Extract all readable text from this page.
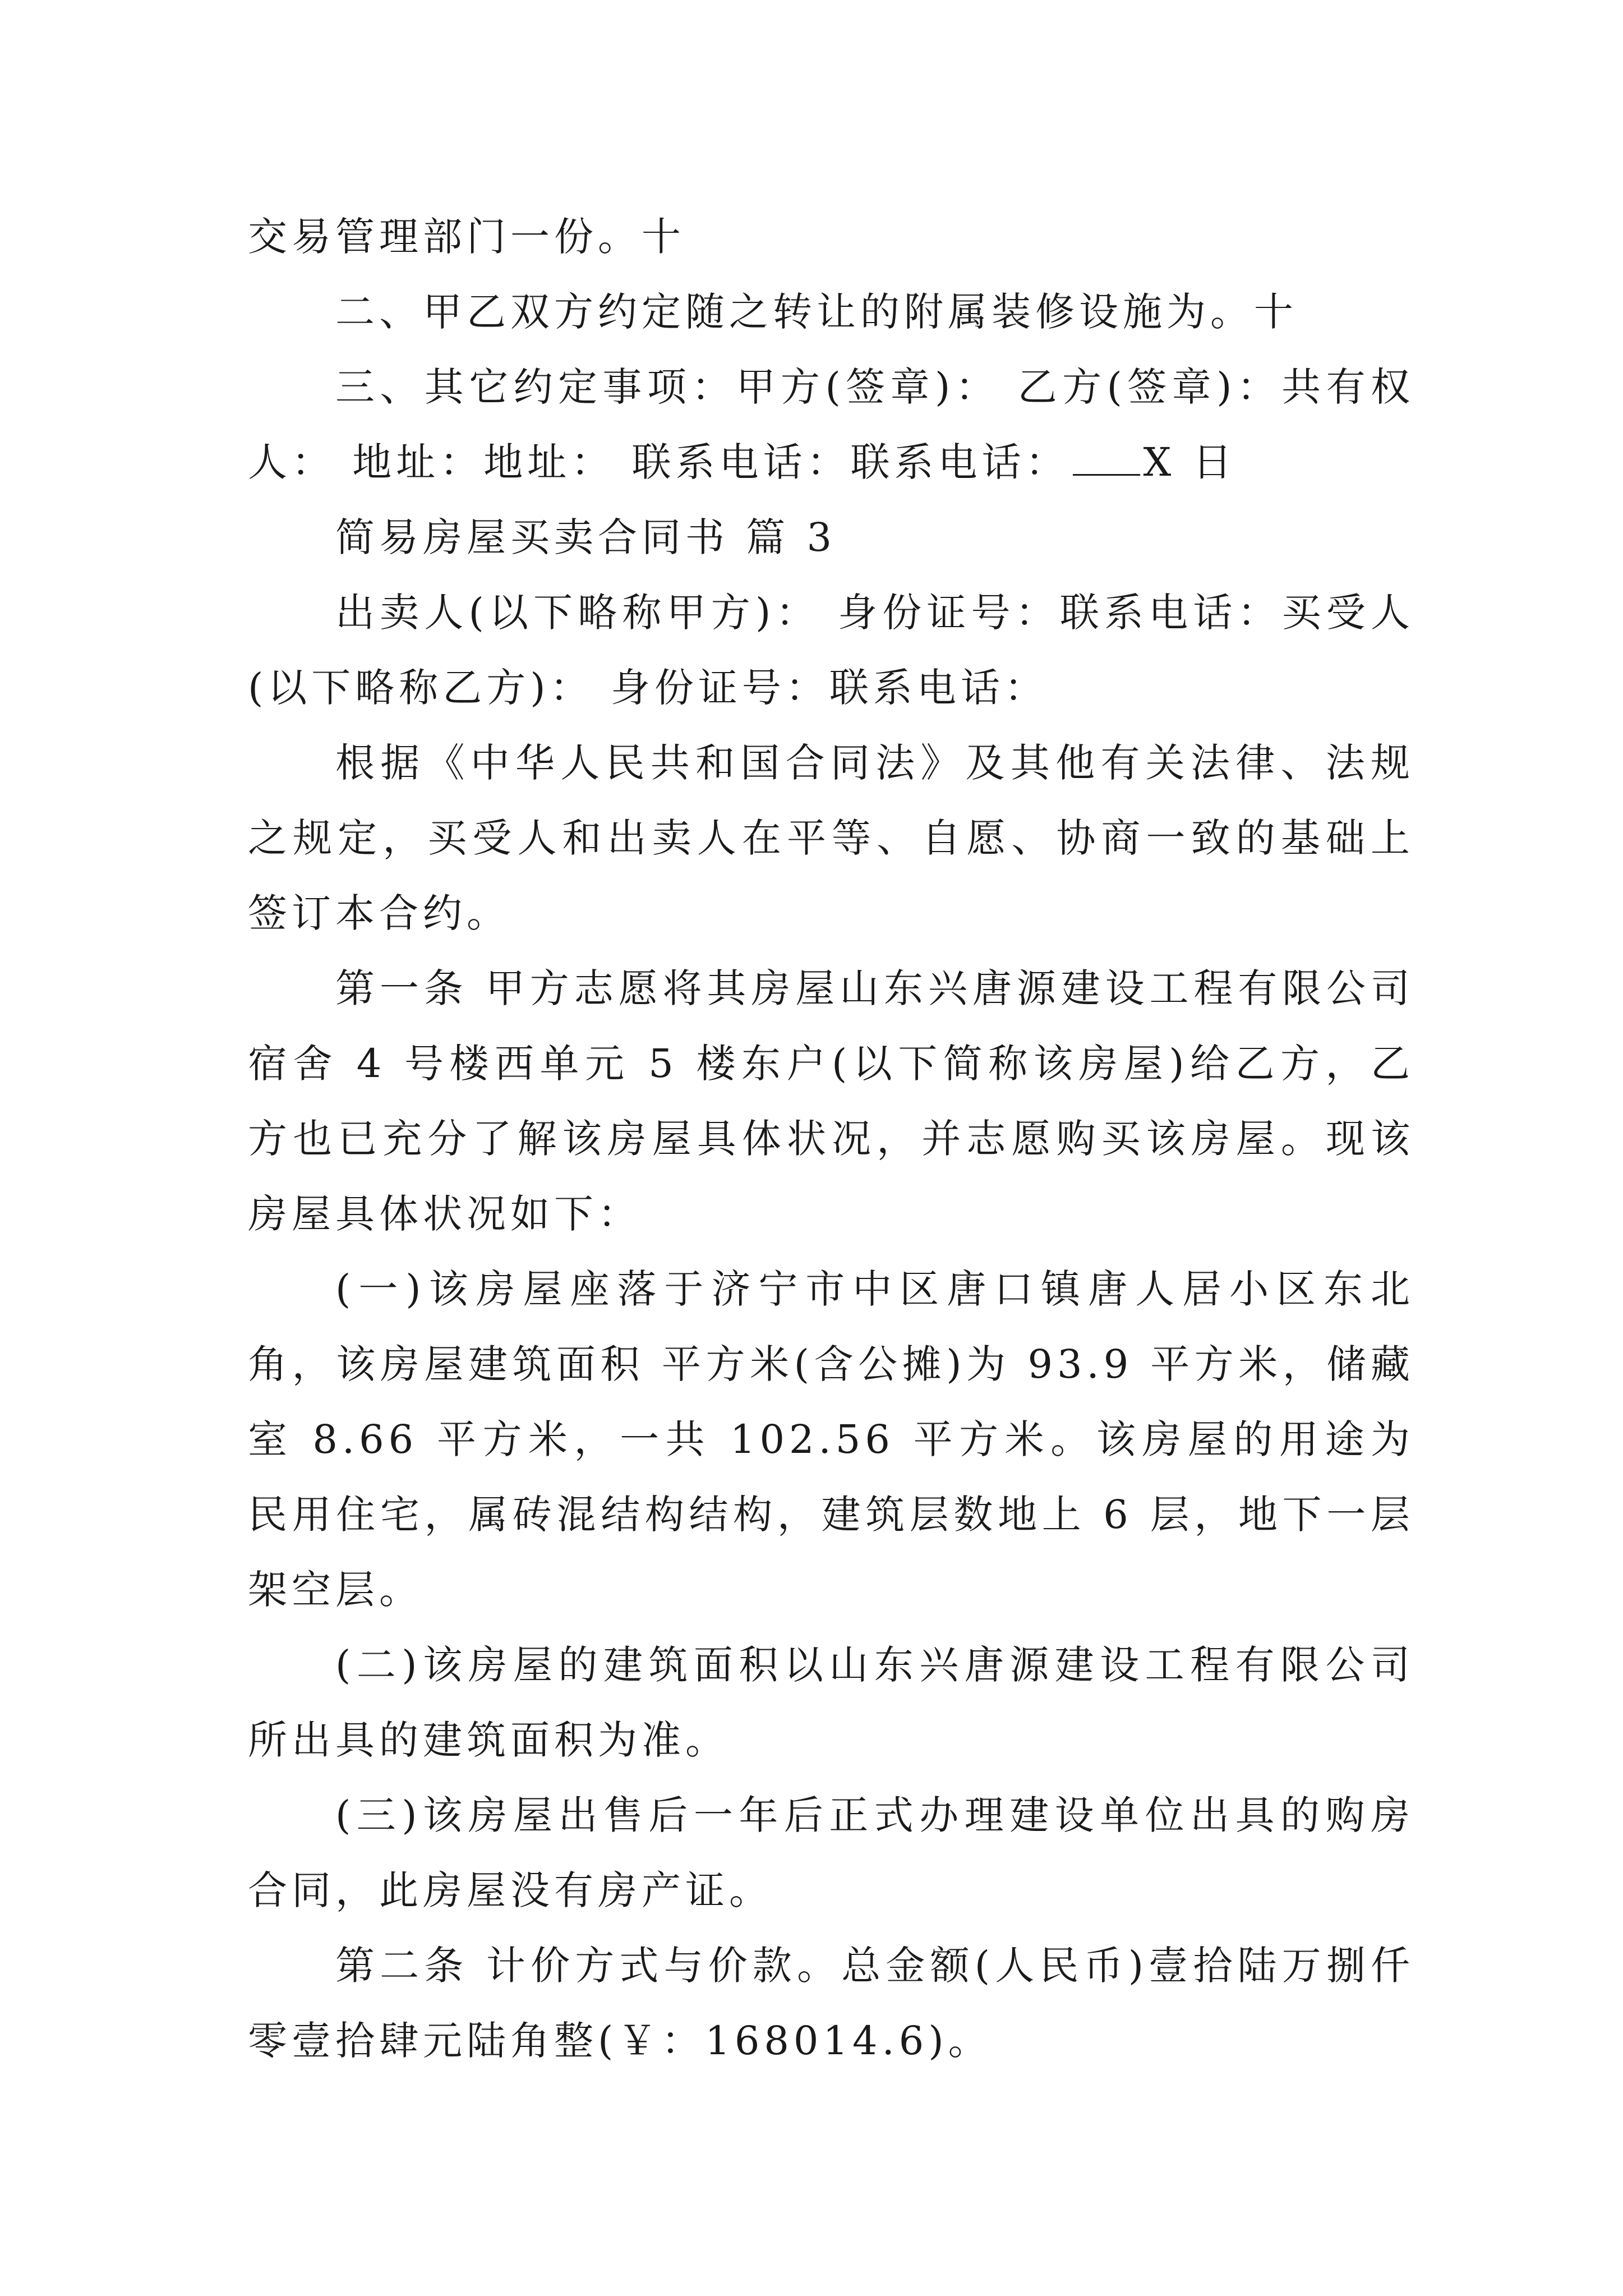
交易管理部门一份。十

二、甲乙双方约定随之转让的附属装修设施为。十

三、其它约定事项：甲方(签章)： 乙方(签章)：共有权人： 地址：地址： 联系电话：联系电话： X 日

简易房屋买卖合同书 篇 3

出卖人(以下略称甲方)： 身份证号：联系电话：买受人(以下略称乙方)： 身份证号：联系电话：

根据《中华人民共和国合同法》及其他有关法律、法规之规定，买受人和出卖人在平等、自愿、协商一致的基础上签订本合约。

第一条 甲方志愿将其房屋山东兴唐源建设工程有限公司宿舍 4 号楼西单元 5 楼东户(以下简称该房屋)给乙方，乙方也已充分了解该房屋具体状况，并志愿购买该房屋。现该房屋具体状况如下：

(一)该房屋座落于济宁市中区唐口镇唐人居小区东北角，该房屋建筑面积 平方米(含公摊)为 93.9 平方米，储藏室 8.66 平方米，一共 102.56 平方米。该房屋的用途为民用住宅，属砖混结构结构，建筑层数地上 6 层，地下一层架空层。

(二)该房屋的建筑面积以山东兴唐源建设工程有限公司所出具的建筑面积为准。

(三)该房屋出售后一年后正式办理建设单位出具的购房合同，此房屋没有房产证。

第二条 计价方式与价款。总金额(人民币)壹拾陆万捌仟零壹拾肆元陆角整(￥：168014.6)。
